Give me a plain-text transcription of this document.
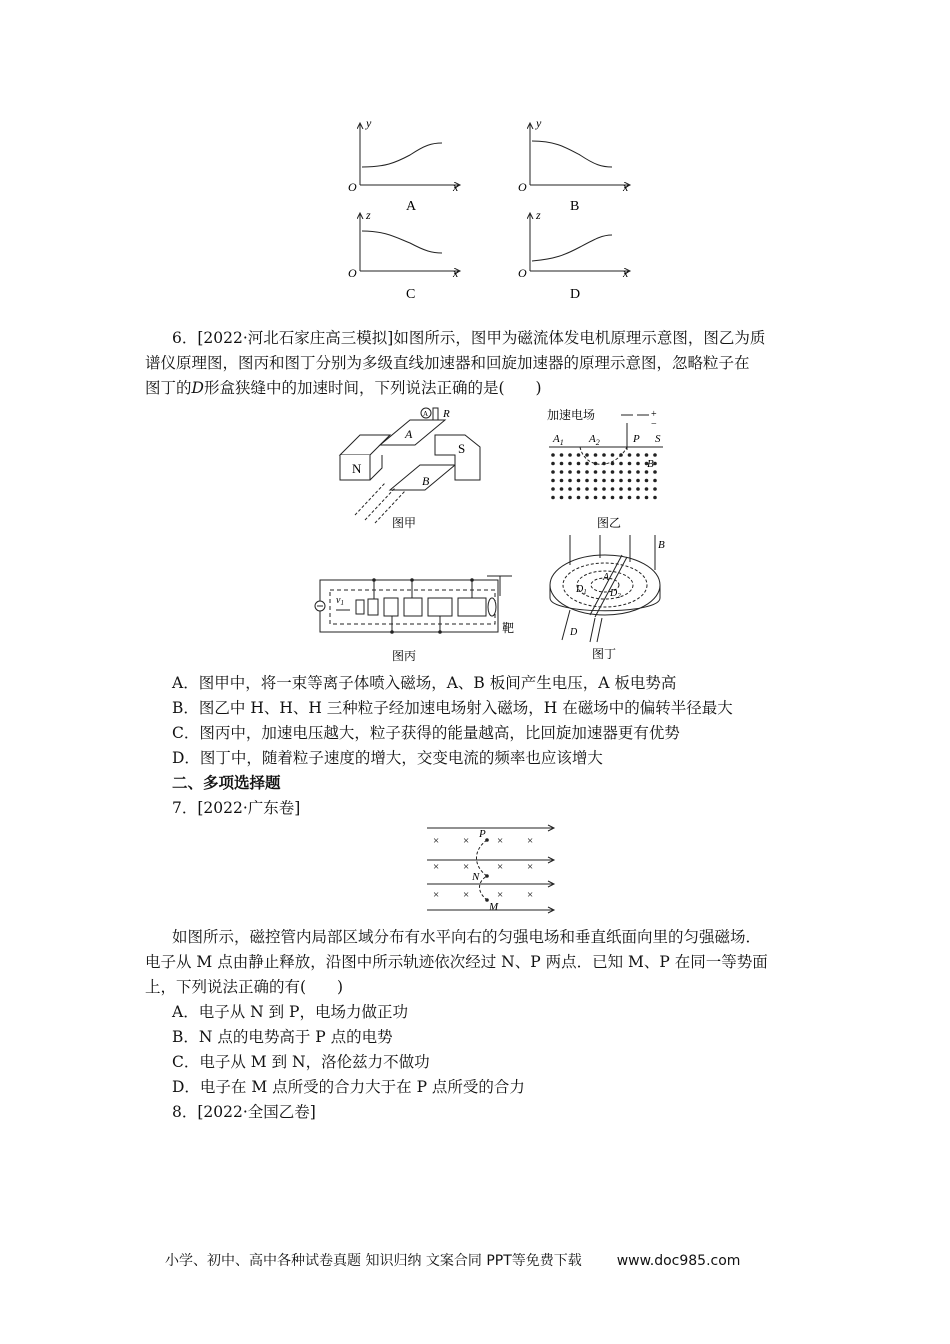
y
x
O
A
y
x
O
B
z
x
O
C
z
x
O
D
6．[2022·河北石家庄高三模拟]如图所示，图甲为磁流体发电机原理示意图，图乙为质
谱仪原理图，图丙和图丁分别为多级直线加速器和回旋加速器的原理示意图，忽略粒子在
图丁的D形盒狭缝中的加速时间，下列说法正确的是(　　)
N
A
B
S
A R
图甲
加速电场	+
−
$A_1$ $A_2$	P S
B
图乙
$v_1$
靶
图丙
B
A
$D_1$ $D_2$
D
图丁
A．图甲中，将一束等离子体喷入磁场，A、B 板间产生电压，A 板电势高
B．图乙中 H、H、H 三种粒子经加速电场射入磁场，H 在磁场中的偏转半径最大
C．图丙中，加速电压越大，粒子获得的能量越高，比回旋加速器更有优势
D．图丁中，随着粒子速度的增大，交变电流的频率也应该增大
二、多项选择题
7．[2022·广东卷]
× ×	× ×
× ×	× ×
× ×	× ×
P
N
M
如图所示，磁控管内局部区域分布有水平向右的匀强电场和垂直纸面向里的匀强磁场．
电子从 M 点由静止释放，沿图中所示轨迹依次经过 N、P 两点．已知 M、P 在同一等势面
上，下列说法正确的有(　　)
A．电子从 N 到 P，电场力做正功
B．N 点的电势高于 P 点的电势
C．电子从 M 到 N，洛伦兹力不做功
D．电子在 M 点所受的合力大于在 P 点所受的合力
8．[2022·全国乙卷]
小学、初中、高中各种试卷真题 知识归纳 文案合同 PPT等免费下载 www.doc985.com
